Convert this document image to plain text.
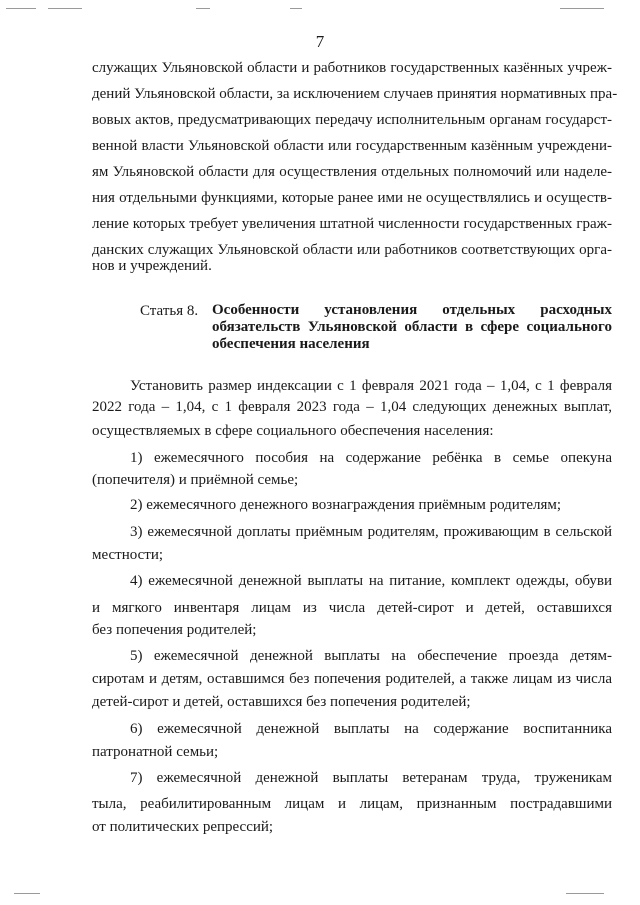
7
служащих Ульяновской области и работников государственных казённых учреж-
дений Ульяновской области, за исключением случаев принятия нормативных пра-
вовых актов, предусматривающих передачу исполнительным органам государст-
венной власти Ульяновской области или государственным казённым учреждени-
ям Ульяновской области для осуществления отдельных полномочий или наделе-
ния отдельными функциями, которые ранее ими не осуществлялись и осуществ-
ление которых требует увеличения штатной численности государственных граж-
данских служащих Ульяновской области или работников соответствующих орга-
нов и учреждений.
Статья 8. Особенности установления отдельных расходных
обязательств Ульяновской области в сфере социального
обеспечения населения
Установить размер индексации с 1 февраля 2021 года – 1,04, с 1 февраля
2022 года – 1,04, с 1 февраля 2023 года – 1,04 следующих денежных выплат,
осуществляемых в сфере социального обеспечения населения:
1) ежемесячного пособия на содержание ребёнка в семье опекуна
(попечителя) и приёмной семье;
2) ежемесячного денежного вознаграждения приёмным родителям;
3) ежемесячной доплаты приёмным родителям, проживающим в сельской
местности;
4) ежемесячной денежной выплаты на питание, комплект одежды, обуви
и мягкого инвентаря лицам из числа детей-сирот и детей, оставшихся
без попечения родителей;
5) ежемесячной денежной выплаты на обеспечение проезда детям-
сиротам и детям, оставшимся без попечения родителей, а также лицам из числа
детей-сирот и детей, оставшихся без попечения родителей;
6) ежемесячной денежной выплаты на содержание воспитанника
патронатной семьи;
7) ежемесячной денежной выплаты ветеранам труда, труженикам
тыла, реабилитированным лицам и лицам, признанным пострадавшими
от политических репрессий;
